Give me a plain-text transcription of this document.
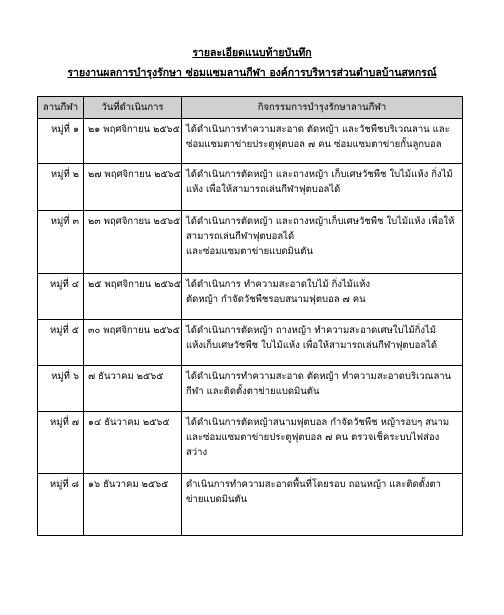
รายละเอียดแนบท้ายบันทึก
รายงานผลการบำรุงรักษา ซ่อมแซมลานกีฬา องค์การบริหารส่วนตำบลบ้านสหกรณ์
ลานกีฬา	วันที่ดำเนินการ	กิจกรรมการบำรุงรักษาลานกีฬา
หมู่ที่ ๑	๒๑ พฤศจิกายน ๒๕๖๕	ได้ดำเนินการทำความสะอาด ตัดหญ้า และวัชพืชบริเวณลาน และ
ซ่อมแซมตาข่ายประตูฟุตบอล ๗ คน ซ่อมแซมตาข่ายกั้นลูกบอล

หมู่ที่ ๒	๒๗ พฤศจิกายน ๒๕๖๕	ได้ดำเนินการตัดหญ้า และถางหญ้า เก็บเศษวัชพืช ใบไม้แห้ง กิ่งไม้
แห้ง เพื่อให้สามารถเล่นกีฬาฟุตบอลได้

หมู่ที่ ๓	๒๓ พฤศจิกายน ๒๕๖๕	ได้ดำเนินการตัดหญ้า และถางหญ้าเก็บเศษวัชพืช ใบไม้แห้ง เพื่อให้
สามารถเล่นกีฬาฟุตบอลได้
และซ่อมแซมตาข่ายแบดมินตัน

หมู่ที่ ๔	๒๕ พฤศจิกายน ๒๕๖๕	ได้ดำเนินการ ทำความสะอาดใบไม้ กิ่งไม้แห้ง
ตัดหญ้า กำจัดวัชพืชรอบสนามฟุตบอล ๗ คน

หมู่ที่ ๕	๓๐ พฤศจิกายน ๒๕๖๕	ได้ดำเนินการตัดหญ้า ถางหญ้า ทำความสะอาดเศษใบไม้กิ่งไม้
แห้งเก็บเศษวัชพืช ใบไม้แห้ง เพื่อให้สามารถเล่นกีฬาฟุตบอลได้

หมู่ที่ ๖	๗ ธันวาคม ๒๕๖๕	ได้ดำเนินการทำความสะอาด ตัดหญ้า ทำความสะอาดบริเวณลาน
กีฬา และติดตั้งตาข่ายแบดมินตัน

หมู่ที่ ๗	๑๔ ธันวาคม ๒๕๖๕	ได้ดำเนินการตัดหญ้าสนามฟุตบอล กำจัดวัชพืช หญ้ารอบๆ สนาม
และซ่อมแซมตาข่ายประตูฟุตบอล ๗ คน ตรวจเช็คระบบไฟส่อง
สว่าง

หมู่ที่ ๘	๑๖ ธันวาคม ๒๕๖๕	ดำเนินการทำความสะอาดพื้นที่โดยรอบ ถอนหญ้า และติดตั้งตา
ข่ายแบดมินตัน
